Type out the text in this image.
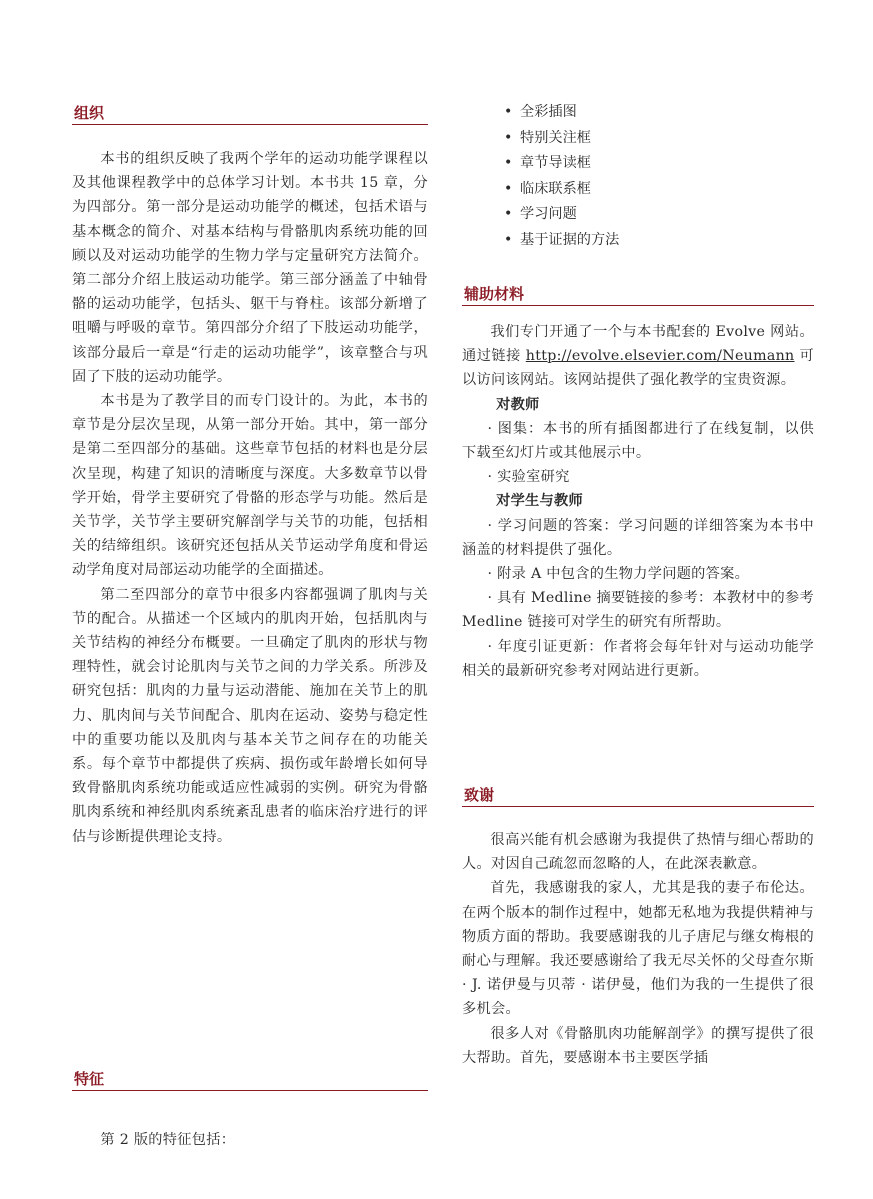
组织

本书的组织反映了我两个学年的运动功能学课程以及其他课程教学中的总体学习计划。本书共 15 章，分为四部分。第一部分是运动功能学的概述，包括术语与基本概念的简介、对基本结构与骨骼肌肉系统功能的回顾以及对运动功能学的生物力学与定量研究方法简介。第二部分介绍上肢运动功能学。第三部分涵盖了中轴骨骼的运动功能学，包括头、躯干与脊柱。该部分新增了咀嚼与呼吸的章节。第四部分介绍了下肢运动功能学，该部分最后一章是“行走的运动功能学”，该章整合与巩固了下肢的运动功能学。

本书是为了教学目的而专门设计的。为此，本书的章节是分层次呈现，从第一部分开始。其中，第一部分是第二至四部分的基础。这些章节包括的材料也是分层次呈现，构建了知识的清晰度与深度。大多数章节以骨学开始，骨学主要研究了骨骼的形态学与功能。然后是关节学，关节学主要研究解剖学与关节的功能，包括相关的结缔组织。该研究还包括从关节运动学角度和骨运动学角度对局部运动功能学的全面描述。

第二至四部分的章节中很多内容都强调了肌肉与关节的配合。从描述一个区域内的肌肉开始，包括肌肉与关节结构的神经分布概要。一旦确定了肌肉的形状与物理特性，就会讨论肌肉与关节之间的力学关系。所涉及研究包括：肌肉的力量与运动潜能、施加在关节上的肌力、肌肉间与关节间配合、肌肉在运动、姿势与稳定性中的重要功能以及肌肉与基本关节之间存在的功能关系。每个章节中都提供了疾病、损伤或年龄增长如何导致骨骼肌肉系统功能或适应性减弱的实例。研究为骨骼肌肉系统和神经肌肉系统紊乱患者的临床治疗进行的评估与诊断提供理论支持。

特征

第 2 版的特征包括：

• 全彩插图
• 特别关注框
• 章节导读框
• 临床联系框
• 学习问题
• 基于证据的方法
辅助材料

我们专门开通了一个与本书配套的 Evolve 网站。通过链接 http://evolve.elsevier.com/Neumann 可以访问该网站。该网站提供了强化教学的宝贵资源。

对教师

· 图集：本书的所有插图都进行了在线复制，以供下载至幻灯片或其他展示中。

· 实验室研究

对学生与教师

· 学习问题的答案：学习问题的详细答案为本书中涵盖的材料提供了强化。

· 附录 A 中包含的生物力学问题的答案。

· 具有 Medline 摘要链接的参考：本教材中的参考 Medline 链接可对学生的研究有所帮助。

· 年度引证更新：作者将会每年针对与运动功能学相关的最新研究参考对网站进行更新。

致谢

很高兴能有机会感谢为我提供了热情与细心帮助的人。对因自己疏忽而忽略的人，在此深表歉意。

首先，我感谢我的家人，尤其是我的妻子布伦达。在两个版本的制作过程中，她都无私地为我提供精神与物质方面的帮助。我要感谢我的儿子唐尼与继女梅根的耐心与理解。我还要感谢给了我无尽关怀的父母查尔斯 · J. 诺伊曼与贝蒂 · 诺伊曼，他们为我的一生提供了很多机会。

很多人对《骨骼肌肉功能解剖学》的撰写提供了很大帮助。首先，要感谢本书主要医学插
